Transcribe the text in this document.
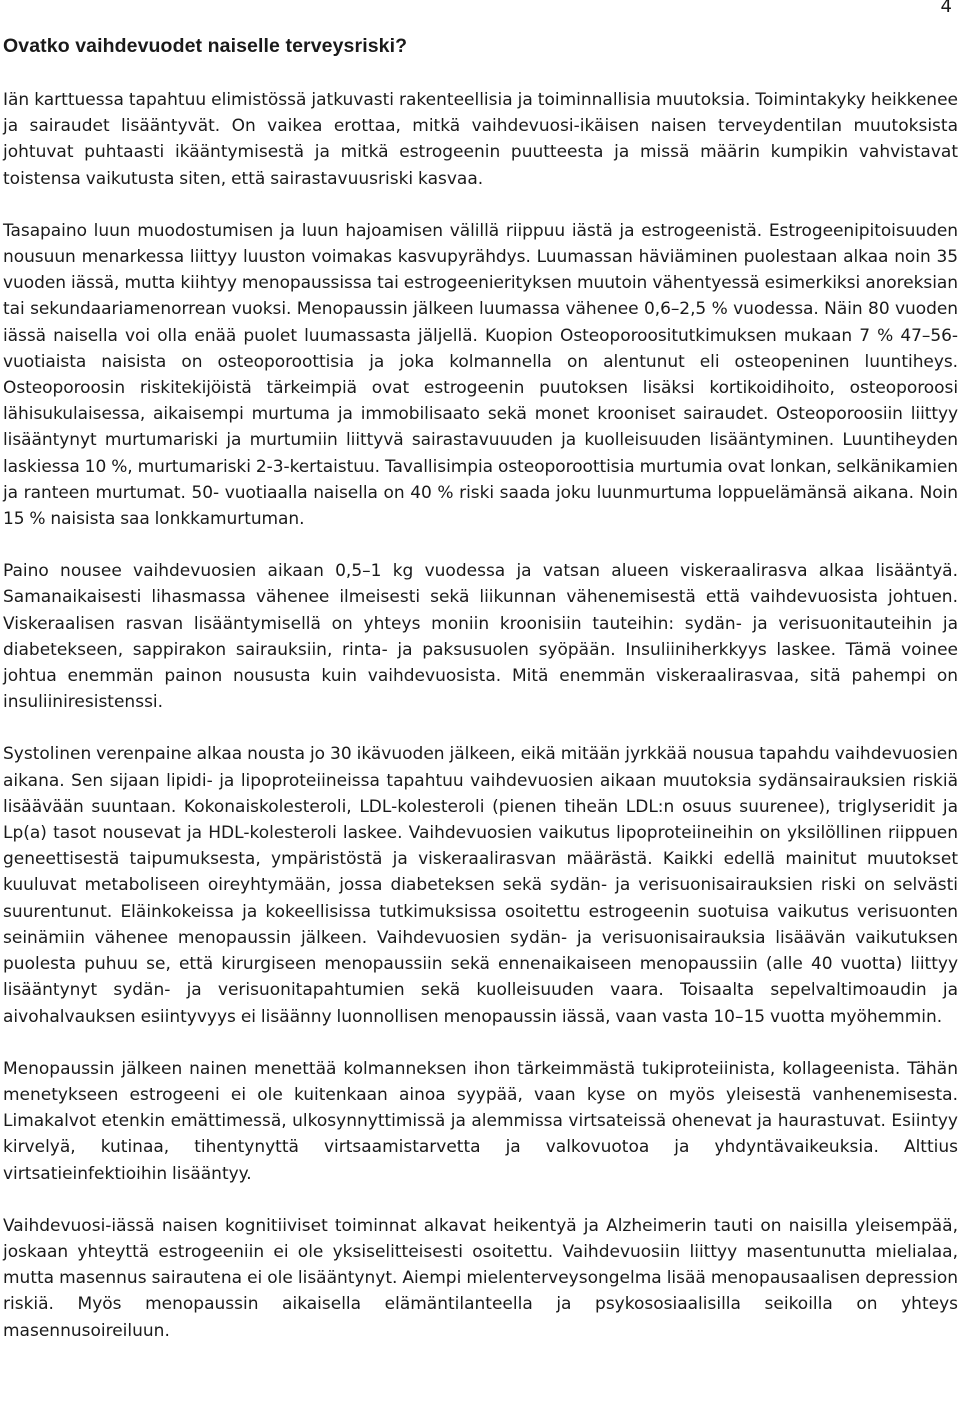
4
Ovatko vaihdevuodet naiselle terveysriski?

Iän karttuessa tapahtuu elimistössä jatkuvasti rakenteellisia ja toiminnallisia muutoksia. Toimintakyky heikkenee ja sairaudet lisääntyvät. On vaikea erottaa, mitkä vaihdevuosi-ikäisen naisen terveydentilan muutoksista johtuvat puhtaasti ikääntymisestä ja mitkä estrogeenin puutteesta ja missä määrin kumpikin vahvistavat toistensa vaikutusta siten, että sairastavuusriski kasvaa.

Tasapaino luun muodostumisen ja luun hajoamisen välillä riippuu iästä ja estrogeenistä. Estrogeenipitoisuuden nousuun menarkessa liittyy luuston voimakas kasvupyrähdys. Luumassan häviäminen puolestaan alkaa noin 35 vuoden iässä, mutta kiihtyy menopaussissa tai estrogeenierityksen muutoin vähentyessä esimerkiksi anoreksian tai sekundaariamenorrean vuoksi. Menopaussin jälkeen luumassa vähenee 0,6–2,5 % vuodessa. Näin 80 vuoden iässä naisella voi olla enää puolet luumassasta jäljellä. Kuopion Osteoporoositutkimuksen mukaan 7 % 47–56-vuotiaista naisista on osteoporoottisia ja joka kolmannella on alentunut eli osteopeninen luuntiheys. Osteoporoosin riskitekijöistä tärkeimpiä ovat estrogeenin puutoksen lisäksi kortikoidihoito, osteoporoosi lähisukulaisessa, aikaisempi murtuma ja immobilisaato sekä monet krooniset sairaudet. Osteoporoosiin liittyy lisääntynyt murtumariski ja murtumiin liittyvä sairastavuuuden ja kuolleisuuden lisääntyminen. Luuntiheyden laskiessa 10 %, murtumariski 2-3-kertaistuu. Tavallisimpia osteoporoottisia murtumia ovat lonkan, selkänikamien ja ranteen murtumat. 50- vuotiaalla naisella on 40 % riski saada joku luunmurtuma loppuelämänsä aikana. Noin 15 % naisista saa lonkkamurtuman.

Paino nousee vaihdevuosien aikaan 0,5–1 kg vuodessa ja vatsan alueen viskeraalirasva alkaa lisääntyä. Samanaikaisesti lihasmassa vähenee ilmeisesti sekä liikunnan vähenemisestä että vaihdevuosista johtuen. Viskeraalisen rasvan lisääntymisellä on yhteys moniin kroonisiin tauteihin: sydän- ja verisuonitauteihin ja diabetekseen, sappirakon sairauksiin, rinta- ja paksusuolen syöpään. Insuliiniherkkyys laskee. Tämä voinee johtua enemmän painon noususta kuin vaihdevuosista. Mitä enemmän viskeraalirasvaa, sitä pahempi on insuliiniresistenssi.

Systolinen verenpaine alkaa nousta jo 30 ikävuoden jälkeen, eikä mitään jyrkkää nousua tapahdu vaihdevuosien aikana. Sen sijaan lipidi- ja lipoproteiineissa tapahtuu vaihdevuosien aikaan muutoksia sydänsairauksien riskiä lisäävään suuntaan. Kokonaiskolesteroli, LDL-kolesteroli (pienen tiheän LDL:n osuus suurenee), triglyseridit ja Lp(a) tasot nousevat ja HDL-kolesteroli laskee. Vaihdevuosien vaikutus lipoproteiineihin on yksilöllinen riippuen geneettisestä taipumuksesta, ympäristöstä ja viskeraalirasvan määrästä. Kaikki edellä mainitut muutokset kuuluvat metaboliseen oireyhtymään, jossa diabeteksen sekä sydän- ja verisuonisairauksien riski on selvästi suurentunut. Eläinkokeissa ja kokeellisissa tutkimuksissa osoitettu estrogeenin suotuisa vaikutus verisuonten seinämiin vähenee menopaussin jälkeen. Vaihdevuosien sydän- ja verisuonisairauksia lisäävän vaikutuksen puolesta puhuu se, että kirurgiseen menopaussiin sekä ennenaikaiseen menopaussiin (alle 40 vuotta) liittyy lisääntynyt sydän- ja verisuonitapahtumien sekä kuolleisuuden vaara. Toisaalta sepelvaltimoaudin ja aivohalvauksen esiintyvyys ei lisäänny luonnollisen menopaussin iässä, vaan vasta 10–15 vuotta myöhemmin.

Menopaussin jälkeen nainen menettää kolmanneksen ihon tärkeimmästä tukiproteiinista, kollageenista. Tähän menetykseen estrogeeni ei ole kuitenkaan ainoa syypää, vaan kyse on myös yleisestä vanhenemisesta. Limakalvot etenkin emättimessä, ulkosynnyttimissä ja alemmissa virtsateissä ohenevat ja haurastuvat. Esiintyy kirvelyä, kutinaa, tihentynyttä virtsaamistarvetta ja valkovuotoa ja yhdyntävaikeuksia. Alttius virtsatieinfektioihin lisääntyy.

Vaihdevuosi-iässä naisen kognitiiviset toiminnat alkavat heikentyä ja Alzheimerin tauti on naisilla yleisempää, joskaan yhteyttä estrogeeniin ei ole yksiselitteisesti osoitettu. Vaihdevuosiin liittyy masentunutta mielialaa, mutta masennus sairautena ei ole lisääntynyt. Aiempi mielenterveysongelma lisää menopausaalisen depression riskiä. Myös menopaussin aikaisella elämäntilanteella ja psykososiaalisilla seikoilla on yhteys masennusoireiluun.
